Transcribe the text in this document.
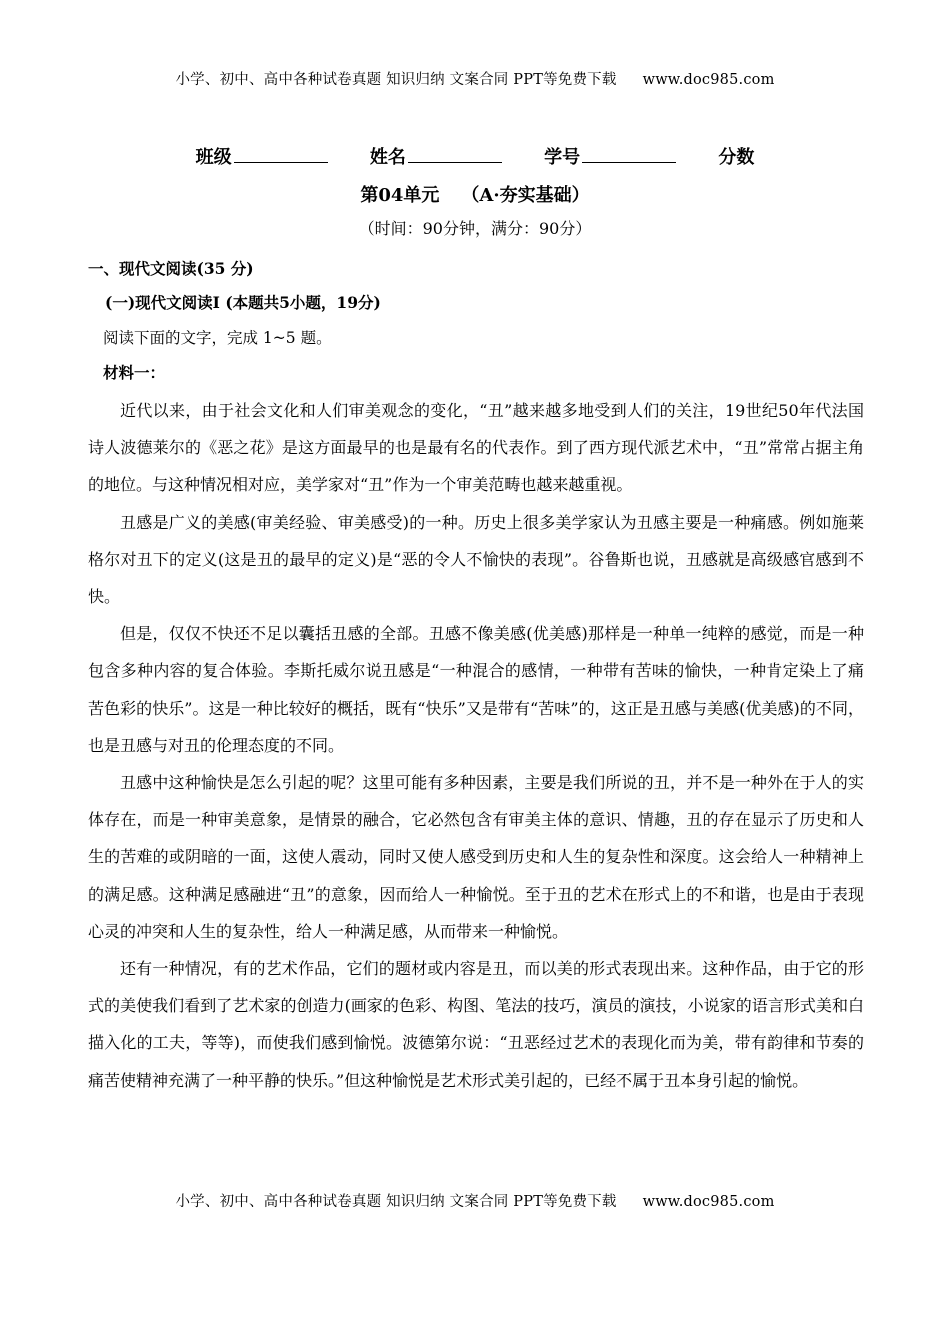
小学、初中、高中各种试卷真题 知识归纳 文案合同 PPT等免费下载 www.doc985.com
班级	姓名	学号	分数
第04单元 （A·夯实基础）
（时间：90分钟，满分：90分）
一、现代文阅读(35 分)
(一)现代文阅读Ⅰ (本题共5小题，19分)
阅读下面的文字，完成 1~5 题。
材料一：

近代以来，由于社会文化和人们审美观念的变化，“丑”越来越多地受到人们的关注，19世纪50年代法国诗人波德莱尔的《恶之花》是这方面最早的也是最有名的代表作。到了西方现代派艺术中，“丑”常常占据主角的地位。与这种情况相对应，美学家对“丑”作为一个审美范畴也越来越重视。

丑感是广义的美感(审美经验、审美感受)的一种。历史上很多美学家认为丑感主要是一种痛感。例如施莱格尔对丑下的定义(这是丑的最早的定义)是“恶的令人不愉快的表现”。谷鲁斯也说，丑感就是高级感官感到不快。

但是，仅仅不快还不足以囊括丑感的全部。丑感不像美感(优美感)那样是一种单一纯粹的感觉，而是一种包含多种内容的复合体验。李斯托威尔说丑感是“一种混合的感情，一种带有苦味的愉快，一种肯定染上了痛苦色彩的快乐”。这是一种比较好的概括，既有“快乐”又是带有“苦味”的，这正是丑感与美感(优美感)的不同，也是丑感与对丑的伦理态度的不同。

丑感中这种愉快是怎么引起的呢？这里可能有多种因素，主要是我们所说的丑，并不是一种外在于人的实体存在，而是一种审美意象，是情景的融合，它必然包含有审美主体的意识、情趣，丑的存在显示了历史和人生的苦难的或阴暗的一面，这使人震动，同时又使人感受到历史和人生的复杂性和深度。这会给人一种精神上的满足感。这种满足感融进“丑”的意象，因而给人一种愉悦。至于丑的艺术在形式上的不和谐，也是由于表现心灵的冲突和人生的复杂性，给人一种满足感，从而带来一种愉悦。

还有一种情况，有的艺术作品，它们的题材或内容是丑，而以美的形式表现出来。这种作品，由于它的形式的美使我们看到了艺术家的创造力(画家的色彩、构图、笔法的技巧，演员的演技，小说家的语言形式美和白描入化的工夫，等等)，而使我们感到愉悦。波德第尔说：“丑恶经过艺术的表现化而为美，带有韵律和节奏的痛苦使精神充满了一种平静的快乐。”但这种愉悦是艺术形式美引起的，已经不属于丑本身引起的愉悦。

小学、初中、高中各种试卷真题 知识归纳 文案合同 PPT等免费下载 www.doc985.com
